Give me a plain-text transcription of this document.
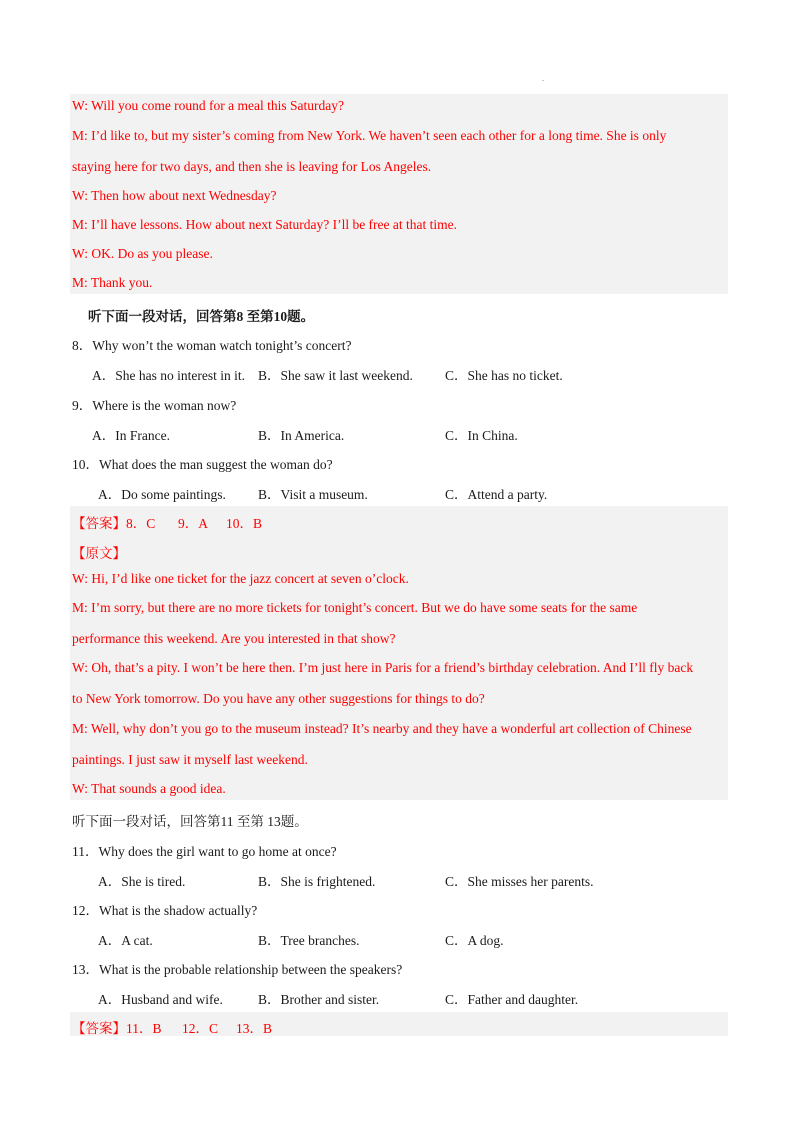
.
W: Will you come round for a meal this Saturday?
M: I’d like to, but my sister’s coming from New York. We haven’t seen each other for a long time. She is only
staying here for two days, and then she is leaving for Los Angeles.
W: Then how about next Wednesday?
M: I’ll have lessons. How about next Saturday? I’ll be free at that time.
W: OK. Do as you please.
M: Thank you.
听下面一段对话，回答第8 至第10题。
8．Why won’t the woman watch tonight’s concert?
A．She has no interest in it. B．She saw it last weekend. C．She has no ticket.
9．Where is the woman now?
A．In France.	B．In America.	C．In China.
10．What does the man suggest the woman do?
A．Do some paintings. B．Visit a museum.	C．Attend a party.
【答案】8．C 9．A 10．B
【原文】
W: Hi, I’d like one ticket for the jazz concert at seven o’clock.
M: I’m sorry, but there are no more tickets for tonight’s concert. But we do have some seats for the same
performance this weekend. Are you interested in that show?
W: Oh, that’s a pity. I won’t be here then. I’m just here in Paris for a friend’s birthday celebration. And I’ll fly back
to New York tomorrow. Do you have any other suggestions for things to do?
M: Well, why don’t you go to the museum instead? It’s nearby and they have a wonderful art collection of Chinese
paintings. I just saw it myself last weekend.
W: That sounds a good idea.
听下面一段对话，回答第11 至第 13题。
11．Why does the girl want to go home at once?
A．She is tired.	B．She is frightened.	C．She misses her parents.
12．What is the shadow actually?
A．A cat.	B．Tree branches.	C．A dog.
13．What is the probable relationship between the speakers?
A．Husband and wife.	B．Brother and sister.	C．Father and daughter.
【答案】11．B 12．C 13．B
